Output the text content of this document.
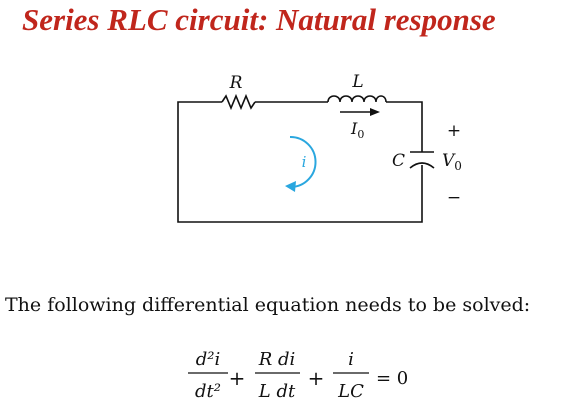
Series RLC circuit: Natural response
R	L
$I_0$
i	C
+
$V_0$
−
The following differential equation needs to be solved:
d²i
dt²
+
R di
L dt
+
i
LC
= 0
